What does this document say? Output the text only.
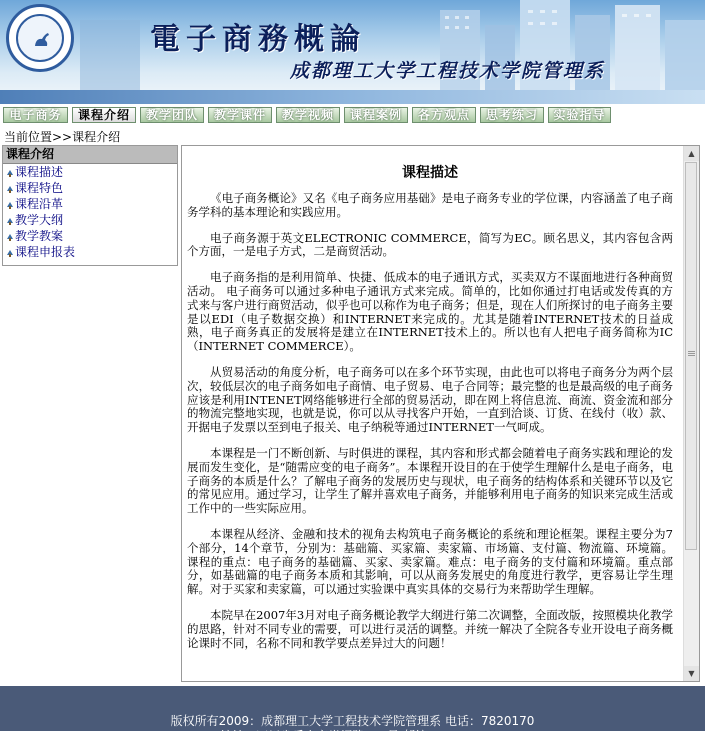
電子商務概論
成都理工大学工程技术学院管理系
电子商务	课程介绍	教学团队	教学课件	教学视频	课程案例	各方观点	思考练习	实验指导
当前位置>>课程介绍
课程介绍
课程描述
课程特色
课程沿革
教学大纲
教学教案
课程申报表
课程描述

《电子商务概论》又名《电子商务应用基础》是电子商务专业的学位课，内容涵盖了电子商务学科的基本理论和实践应用。

电子商务源于英文ELECTRONIC COMMERCE，简写为EC。顾名思义，其内容包含两个方面，一是电子方式，二是商贸活动。

电子商务指的是利用简单、快捷、低成本的电子通讯方式，买卖双方不谋面地进行各种商贸活动。 电子商务可以通过多种电子通讯方式来完成。简单的，比如你通过打电话或发传真的方式来与客户进行商贸活动，似乎也可以称作为电子商务；但是，现在人们所探讨的电子商务主要是以EDI（电子数据交换）和INTERNET来完成的。尤其是随着INTERNET技术的日益成熟，电子商务真正的发展将是建立在INTERNET技术上的。所以也有人把电子商务简称为IC（INTERNET COMMERCE）。

从贸易活动的角度分析，电子商务可以在多个环节实现，由此也可以将电子商务分为两个层次，较低层次的电子商务如电子商情、电子贸易、电子合同等；最完整的也是最高级的电子商务应该是利用INTENET网络能够进行全部的贸易活动，即在网上将信息流、商流、资金流和部分的物流完整地实现，也就是说，你可以从寻找客户开始，一直到洽谈、订货、在线付（收）款、开据电子发票以至到电子报关、电子纳税等通过INTERNET一气呵成。

本课程是一门不断创新、与时俱进的课程，其内容和形式都会随着电子商务实践和理论的发展而发生变化，是“随需应变的电子商务”。本课程开设目的在于使学生理解什么是电子商务，电子商务的本质是什么？了解电子商务的发展历史与现状，电子商务的结构体系和关键环节以及它的常见应用。通过学习，让学生了解并喜欢电子商务，并能够利用电子商务的知识来完成生活或工作中的一些实际应用。

本课程从经济、金融和技术的视角去构筑电子商务概论的系统和理论框架。课程主要分为7个部分，14个章节，分别为：基础篇、买家篇、卖家篇、市场篇、支付篇、物流篇、环境篇。课程的重点：电子商务的基础篇、买家、卖家篇。难点：电子商务的支付篇和环境篇。重点部分，如基础篇的电子商务本质和其影响，可以从商务发展史的角度进行教学，更容易让学生理解。对于买家和卖家篇，可以通过实验课中真实具体的交易行为来帮助学生理解。

本院早在2007年3月对电子商务概论教学大纲进行第二次调整，全面改版，按照模块化教学的思路，针对不同专业的需要，可以进行灵活的调整。并统一解决了全院各专业开设电子商务概论课时不同，名称不同和教学要点差异过大的问题！

▲
▼
版权所有2009：成都理工大学工程技术学院管理系 电话：7820170
地址：四川省乐山市肖坝路222号 邮编：614007
